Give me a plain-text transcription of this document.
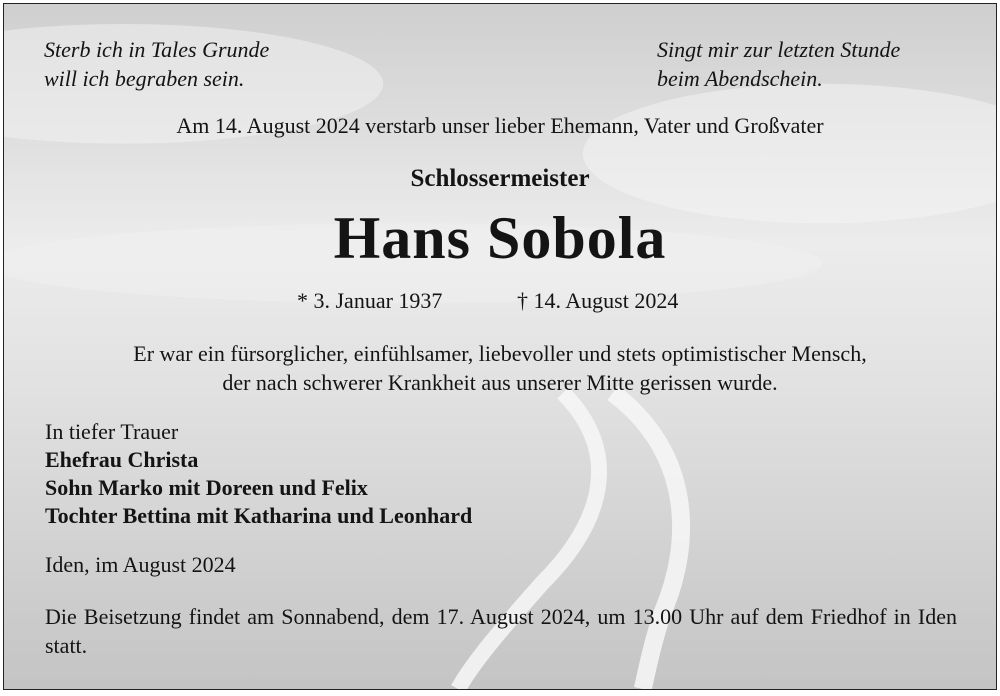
Sterb ich in Tales Grunde
will ich begraben sein.
Singt mir zur letzten Stunde
beim Abendschein.
Am 14. August 2024 verstarb unser lieber Ehemann, Vater und Großvater
Schlossermeister
Hans Sobola
* 3. Januar 1937	† 14. August 2024
Er war ein fürsorglicher, einfühlsamer, liebevoller und stets optimistischer Mensch,
der nach schwerer Krankheit aus unserer Mitte gerissen wurde.
In tiefer Trauer
Ehefrau Christa
Sohn Marko mit Doreen und Felix
Tochter Bettina mit Katharina und Leonhard
Iden, im August 2024
Die Beisetzung findet am Sonnabend, dem 17. August 2024, um 13.00 Uhr auf dem Friedhof in Iden statt.
